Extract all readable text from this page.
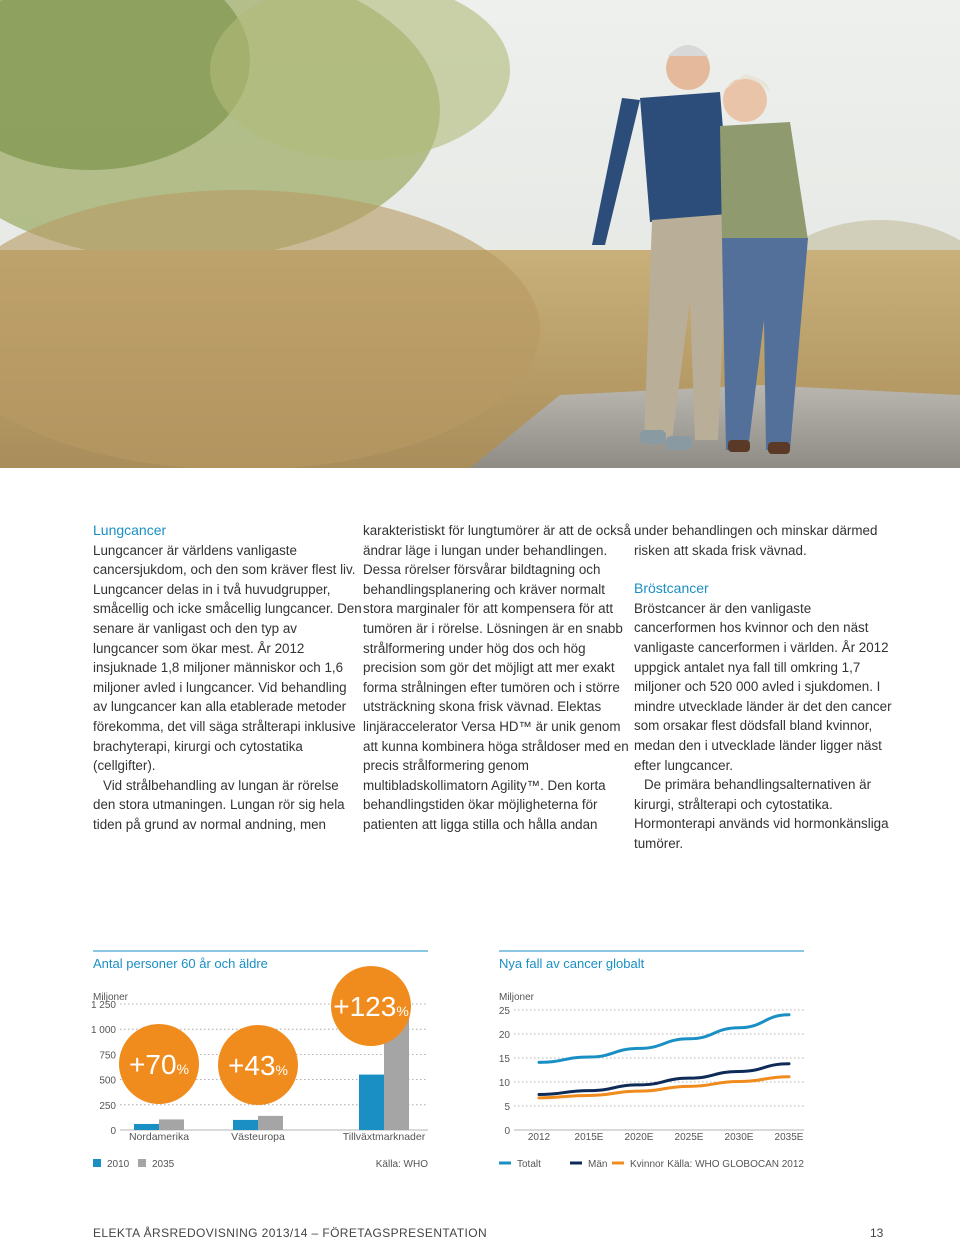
Lungcancer

Lungcancer är världens vanligaste cancersjukdom, och den som kräver flest liv. Lungcancer delas in i två huvudgrupper, småcellig och icke småcellig lungcancer. Den senare är vanligast och den typ av lungcancer som ökar mest. År 2012 insjuknade 1,8 miljoner människor och 1,6 miljoner avled i lungcancer. Vid behandling av lungcancer kan alla etablerade metoder förekomma, det vill säga strålterapi inklusive brachyterapi, kirurgi och cytostatika (cellgifter).

Vid strålbehandling av lungan är rörelse den stora utmaningen. Lungan rör sig hela tiden på grund av normal andning, men

karakteristiskt för lungtumörer är att de också ändrar läge i lungan under behandlingen. Dessa rörelser försvårar bildtagning och behandlingsplanering och kräver normalt stora marginaler för att kompensera för att tumören är i rörelse. Lösningen är en snabb strålformering under hög dos och hög precision som gör det möjligt att mer exakt forma strålningen efter tumören och i större utsträckning skona frisk vävnad. Elektas linjäraccelerator Versa HD™ är unik genom att kunna kombinera höga stråldoser med en precis strålformering genom multibladskollimatorn Agility™. Den korta behandlingstiden ökar möjligheterna för patienten att ligga stilla och hålla andan

under behandlingen och minskar därmed risken att skada frisk vävnad.

Bröstcancer

Bröstcancer är den vanligaste cancerformen hos kvinnor och den näst vanligaste cancerformen i världen. År 2012 uppgick antalet nya fall till omkring 1,7 miljoner och 520 000 avled i sjukdomen. I mindre utvecklade länder är det den cancer som orsakar flest dödsfall bland kvinnor, medan den i utvecklade länder ligger näst efter lungcancer.

De primära behandlingsalternativen är kirurgi, strålterapi och cytostatika. Hormonterapi används vid hormonkänsliga tumörer.

Antal personer 60 år och äldre
Miljoner
0
250
500
750
1 000
1 250
Nordamerika
+70%
Västeuropa
+43%
Tillväxtmarknader
+123%
2010 2035	Källa: WHO
Nya fall av cancer globalt
Miljoner
0
5
10
15
20
25
2012 2015E 2020E 2025E 2030E 2035E
Totalt	Män Kvinnor Källa: WHO GLOBOCAN 2012
ELEKTA ÅRSREDOVISNING 2013/14 – FÖRETAGSPRESENTATION	13
